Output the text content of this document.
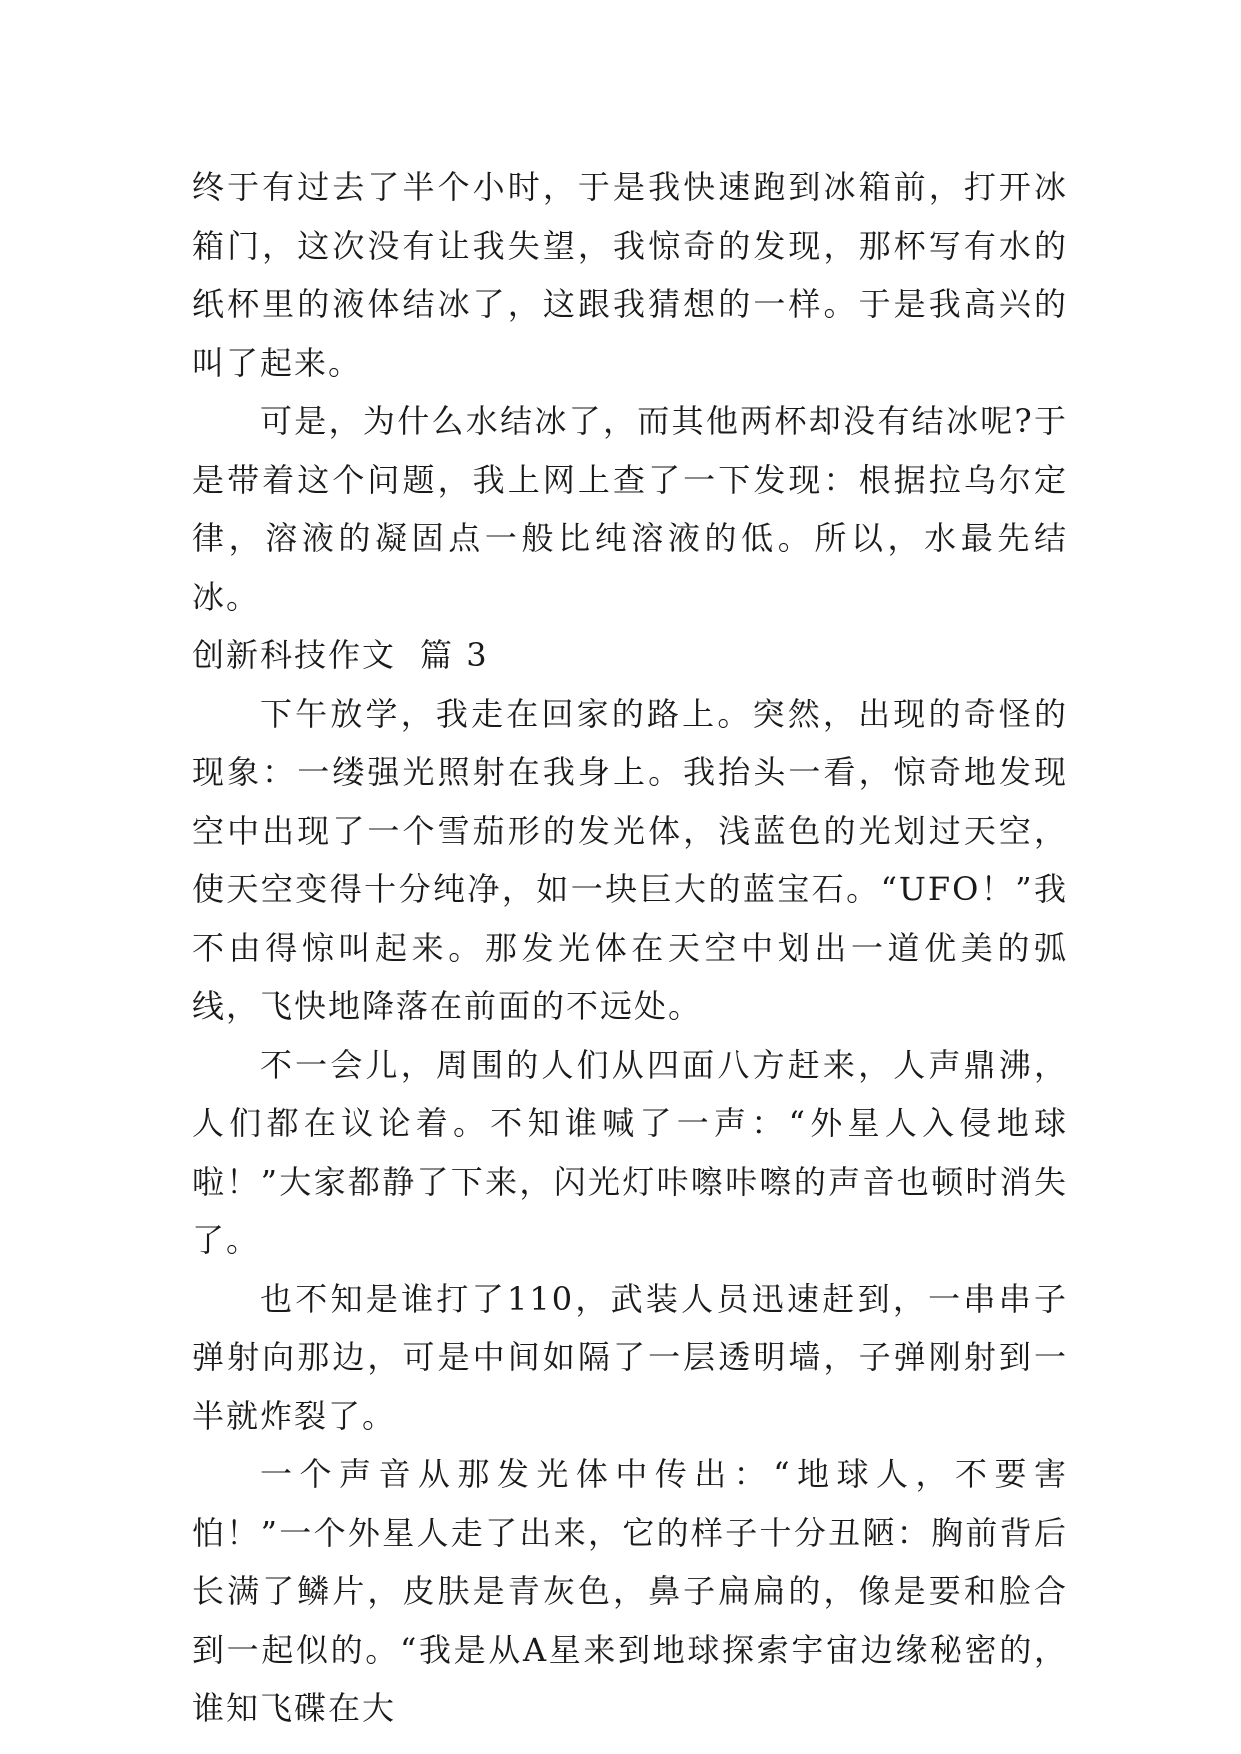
终于有过去了半个小时，于是我快速跑到冰箱前，打开冰箱门，这次没有让我失望，我惊奇的发现，那杯写有水的纸杯里的液体结冰了，这跟我猜想的一样。于是我高兴的叫了起来。

可是，为什么水结冰了，而其他两杯却没有结冰呢?于是带着这个问题，我上网上查了一下发现：根据拉乌尔定律，溶液的凝固点一般比纯溶液的低。所以，水最先结冰。

创新科技作文 篇 3

下午放学，我走在回家的路上。突然，出现的奇怪的现象：一缕强光照射在我身上。我抬头一看，惊奇地发现空中出现了一个雪茄形的发光体，浅蓝色的光划过天空，使天空变得十分纯净，如一块巨大的蓝宝石。“UFO！”我不由得惊叫起来。那发光体在天空中划出一道优美的弧线，飞快地降落在前面的不远处。

不一会儿，周围的人们从四面八方赶来，人声鼎沸，人们都在议论着。不知谁喊了一声：“外星人入侵地球啦！”大家都静了下来，闪光灯咔嚓咔嚓的声音也顿时消失了。

也不知是谁打了110，武装人员迅速赶到，一串串子弹射向那边，可是中间如隔了一层透明墙，子弹刚射到一半就炸裂了。

一个声音从那发光体中传出：“地球人，不要害怕！”一个外星人走了出来，它的样子十分丑陋：胸前背后长满了鳞片，皮肤是青灰色，鼻子扁扁的，像是要和脸合到一起似的。“我是从A星来到地球探索宇宙边缘秘密的，谁知飞碟在大
